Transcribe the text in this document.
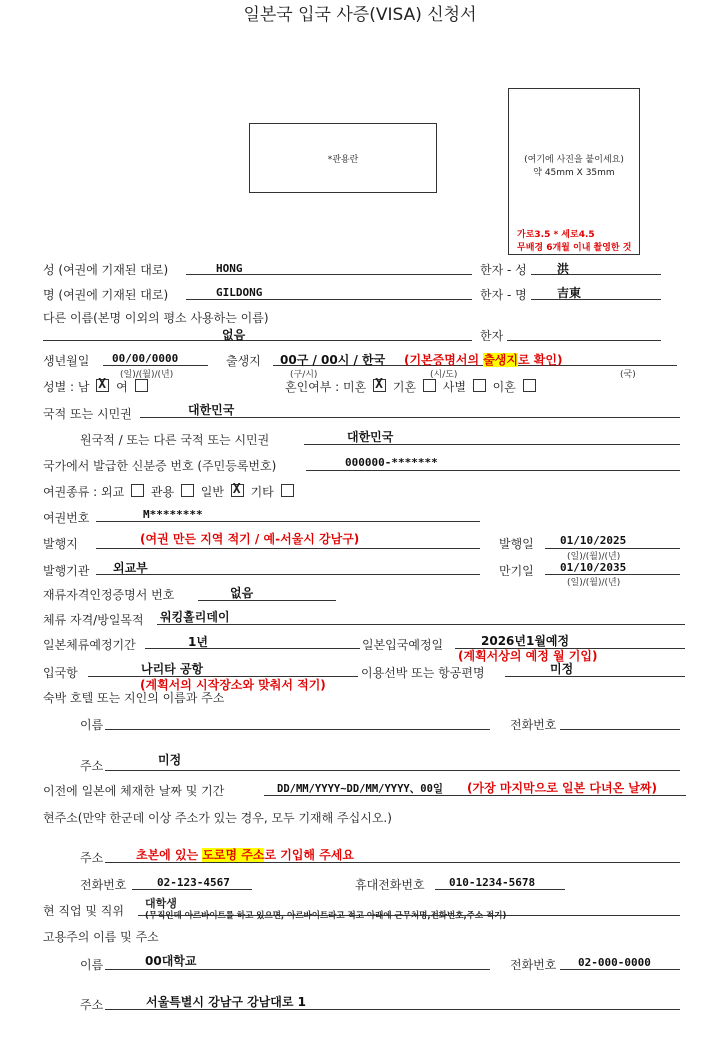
일본국 입국 사증(VISA) 신청서
*관용란	(여기에 사진을 붙이세요)
약 45mm X 35mm
가로3.5 * 세로4.5
무배경 6개월 이내 촬영한 것
성 (여권에 기재된 대로)	HONG	한자 - 성	洪
명 (여권에 기재된 대로)	GILDONG	한자 - 명	吉東
다른 이름(본명 이외의 평소 사용하는 이름)
없음	한자
생년월일 00/00/0000
(일)/(월)/(년)
출생지 00구 / 00시 / 한국 (기본증명서의 출생지로 확인)
(구/시)	(시/도)	(국)
성별 : 남 X 여	혼인여부 : 미혼 X 기혼 사별 이혼
국적 또는 시민권	대한민국
원국적 / 또는 다른 국적 또는 시민권	대한민국
국가에서 발급한 신분증 번호 (주민등록번호)	000000-*******
여권종류 : 외교 관용 일반 X 기타
여권번호	M********
발행지	(여권 만든 지역 적기 / 예-서울시 강남구)	발행일 01/10/2025
(일)/(월)/(년)
발행기관 외교부	만기일 01/10/2035
(일)/(월)/(년)
재류자격인정증명서 번호	없음
체류 자격/방일목적 워킹홀리데이
일본체류예정기간	1년	일본입국예정일	2026년1월예정
(계획서상의 예정 월 기입)
입국항	나리타 공항
(계획서의 시작장소와 맞춰서 적기)
이용선박 또는 항공편명	미정
숙박 호텔 또는 지인의 이름과 주소
이름	전화번호
주소	미정
이전에 일본에 체재한 날짜 및 기간	DD/MM/YYYY~DD/MM/YYYY、00일 (가장 마지막으로 일본 다녀온 날짜)
현주소(만약 한군데 이상 주소가 있는 경우, 모두 기재해 주십시오.)
주소	초본에 있는 도로명 주소로 기입해 주세요
전화번호	02-123-4567	휴대전화번호 010-1234-5678
현 직업 및 직위
대학생
(무직인데 아르바이트를 하고 있으면, 아르바이트라고 적고 아래에 근무처명,전화번호,주소 적기)
고용주의 이름 및 주소
이름	00대학교	전화번호 02-000-0000
주소	서울특별시 강남구 강남대로 1
